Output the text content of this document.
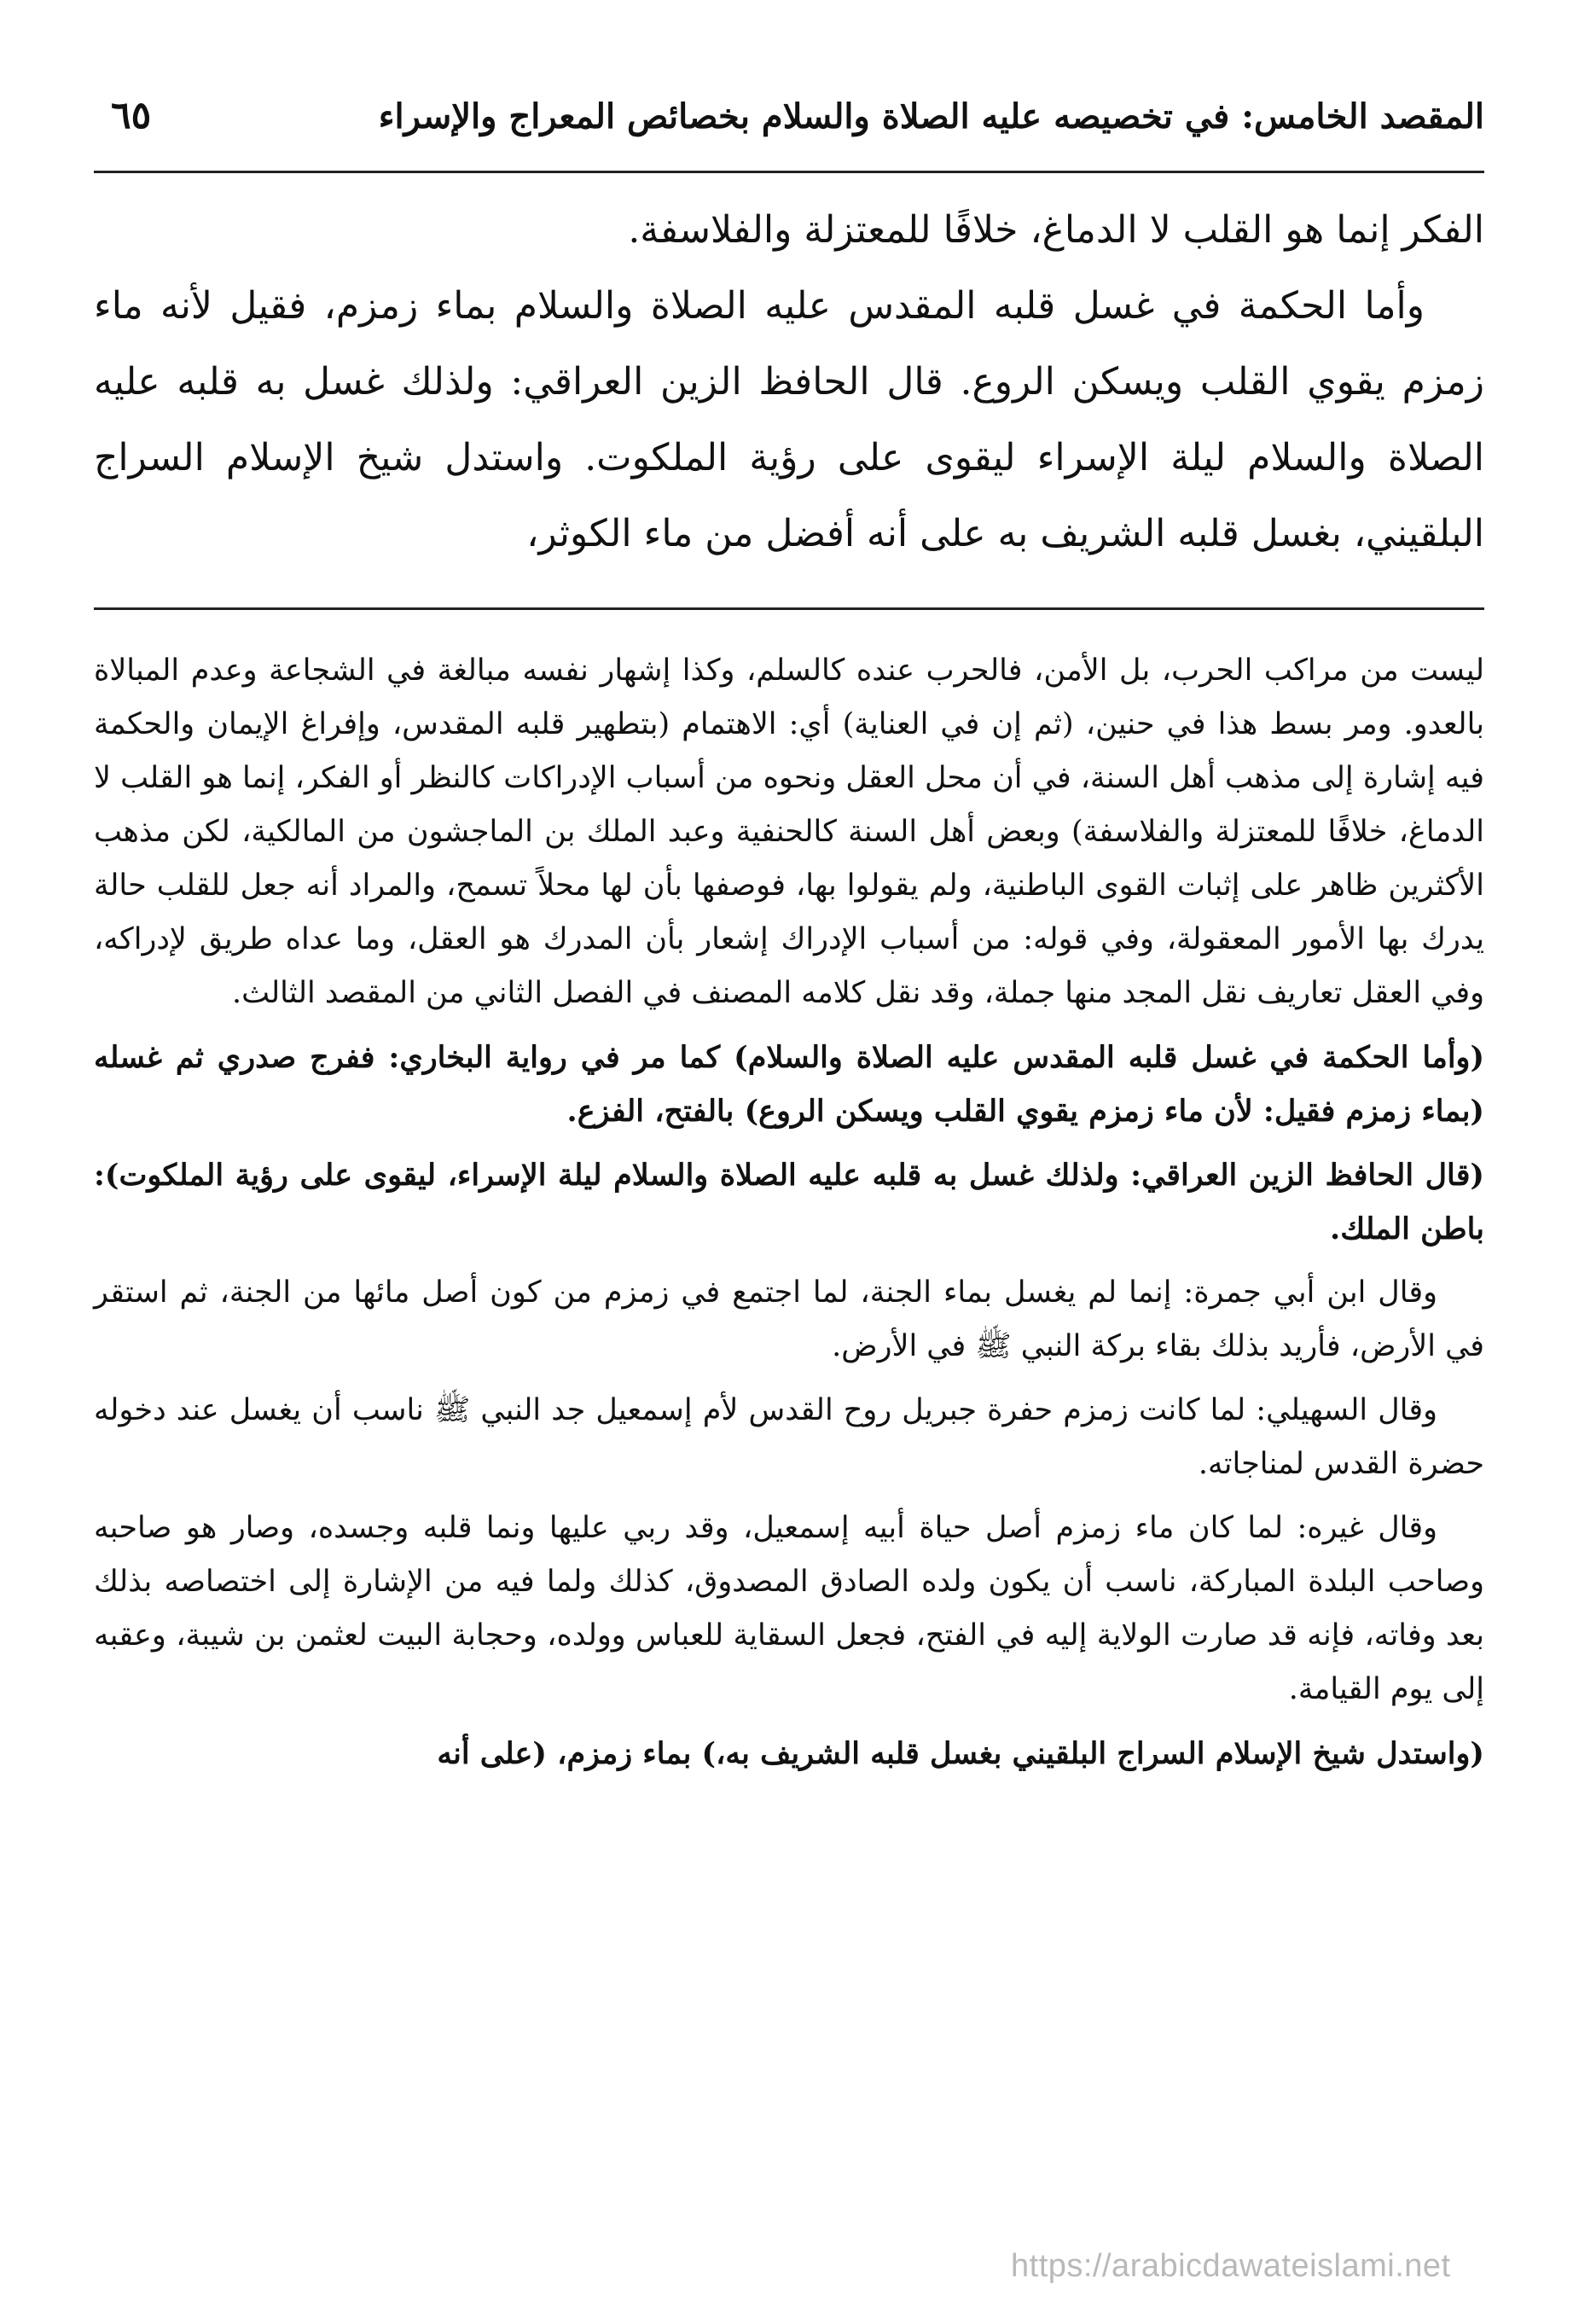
المقصد الخامس: في تخصيصه عليه الصلاة والسلام بخصائص المعراج والإسراء
٦٥

الفكر إنما هو القلب لا الدماغ، خلافًا للمعتزلة والفلاسفة.

وأما الحكمة في غسل قلبه المقدس عليه الصلاة والسلام بماء زمزم، فقيل لأنه ماء زمزم يقوي القلب ويسكن الروع. قال الحافظ الزين العراقي: ولذلك غسل به قلبه عليه الصلاة والسلام ليلة الإسراء ليقوى على رؤية الملكوت. واستدل شيخ الإسلام السراج البلقيني، بغسل قلبه الشريف به على أنه أفضل من ماء الكوثر،

ليست من مراكب الحرب، بل الأمن، فالحرب عنده كالسلم، وكذا إشهار نفسه مبالغة في الشجاعة وعدم المبالاة بالعدو. ومر بسط هذا في حنين، (ثم إن في العناية) أي: الاهتمام (بتطهير قلبه المقدس، وإفراغ الإيمان والحكمة فيه إشارة إلى مذهب أهل السنة، في أن محل العقل ونحوه من أسباب الإدراكات كالنظر أو الفكر، إنما هو القلب لا الدماغ، خلافًا للمعتزلة والفلاسفة) وبعض أهل السنة كالحنفية وعبد الملك بن الماجشون من المالكية، لكن مذهب الأكثرين ظاهر على إثبات القوى الباطنية، ولم يقولوا بها، فوصفها بأن لها محلاً تسمح، والمراد أنه جعل للقلب حالة يدرك بها الأمور المعقولة، وفي قوله: من أسباب الإدراك إشعار بأن المدرك هو العقل، وما عداه طريق لإدراكه، وفي العقل تعاريف نقل المجد منها جملة، وقد نقل كلامه المصنف في الفصل الثاني من المقصد الثالث.

(وأما الحكمة في غسل قلبه المقدس عليه الصلاة والسلام) كما مر في رواية البخاري: ففرج صدري ثم غسله (بماء زمزم فقيل: لأن ماء زمزم يقوي القلب ويسكن الروع) بالفتح، الفزع.

(قال الحافظ الزين العراقي: ولذلك غسل به قلبه عليه الصلاة والسلام ليلة الإسراء، ليقوى على رؤية الملكوت): باطن الملك.

وقال ابن أبي جمرة: إنما لم يغسل بماء الجنة، لما اجتمع في زمزم من كون أصل مائها من الجنة، ثم استقر في الأرض، فأريد بذلك بقاء بركة النبي ﷺ في الأرض.

وقال السهيلي: لما كانت زمزم حفرة جبريل روح القدس لأم إسمعيل جد النبي ﷺ ناسب أن يغسل عند دخوله حضرة القدس لمناجاته.

وقال غيره: لما كان ماء زمزم أصل حياة أبيه إسمعيل، وقد ربي عليها ونما قلبه وجسده، وصار هو صاحبه وصاحب البلدة المباركة، ناسب أن يكون ولده الصادق المصدوق، كذلك ولما فيه من الإشارة إلى اختصاصه بذلك بعد وفاته، فإنه قد صارت الولاية إليه في الفتح، فجعل السقاية للعباس وولده، وحجابة البيت لعثمن بن شيبة، وعقبه إلى يوم القيامة.

(واستدل شيخ الإسلام السراج البلقيني بغسل قلبه الشريف به،) بماء زمزم، (على أنه

https://arabicdawateislami.net
